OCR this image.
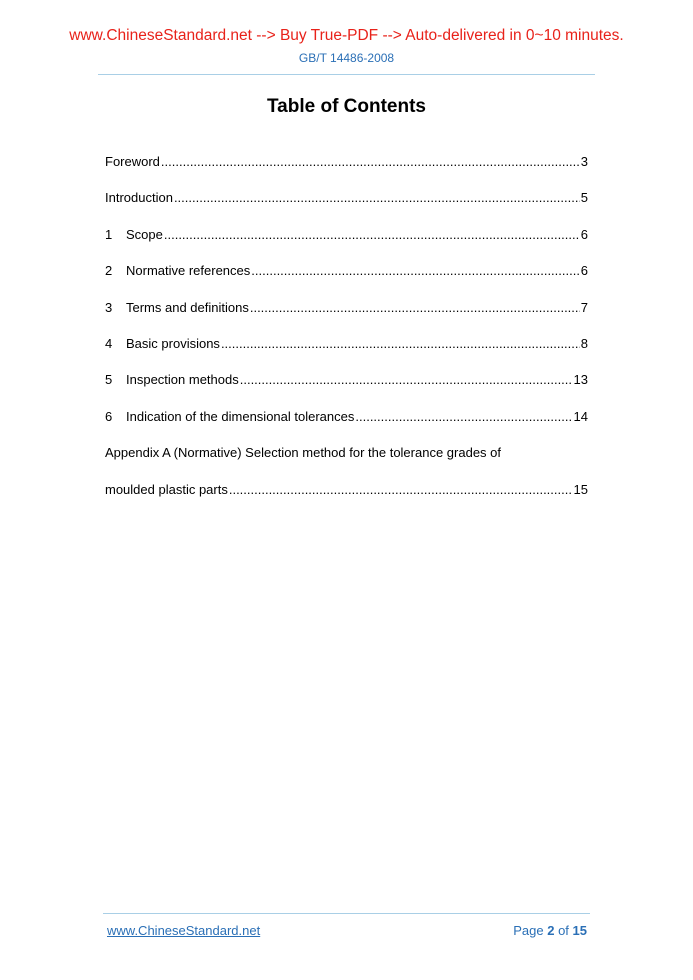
www.ChineseStandard.net --> Buy True-PDF --> Auto-delivered in 0~10 minutes.
GB/T 14486-2008
Table of Contents
Foreword .....	3
Introduction .....	5
1	Scope .....	6
2	Normative references .....	6
3	Terms and definitions .....	7
4	Basic provisions .....	8
5	Inspection methods .....	13
6	Indication of the dimensional tolerances .....	14
Appendix A (Normative) Selection method for the tolerance grades of
moulded plastic parts .....	15
www.ChineseStandard.net	Page 2 of 15
